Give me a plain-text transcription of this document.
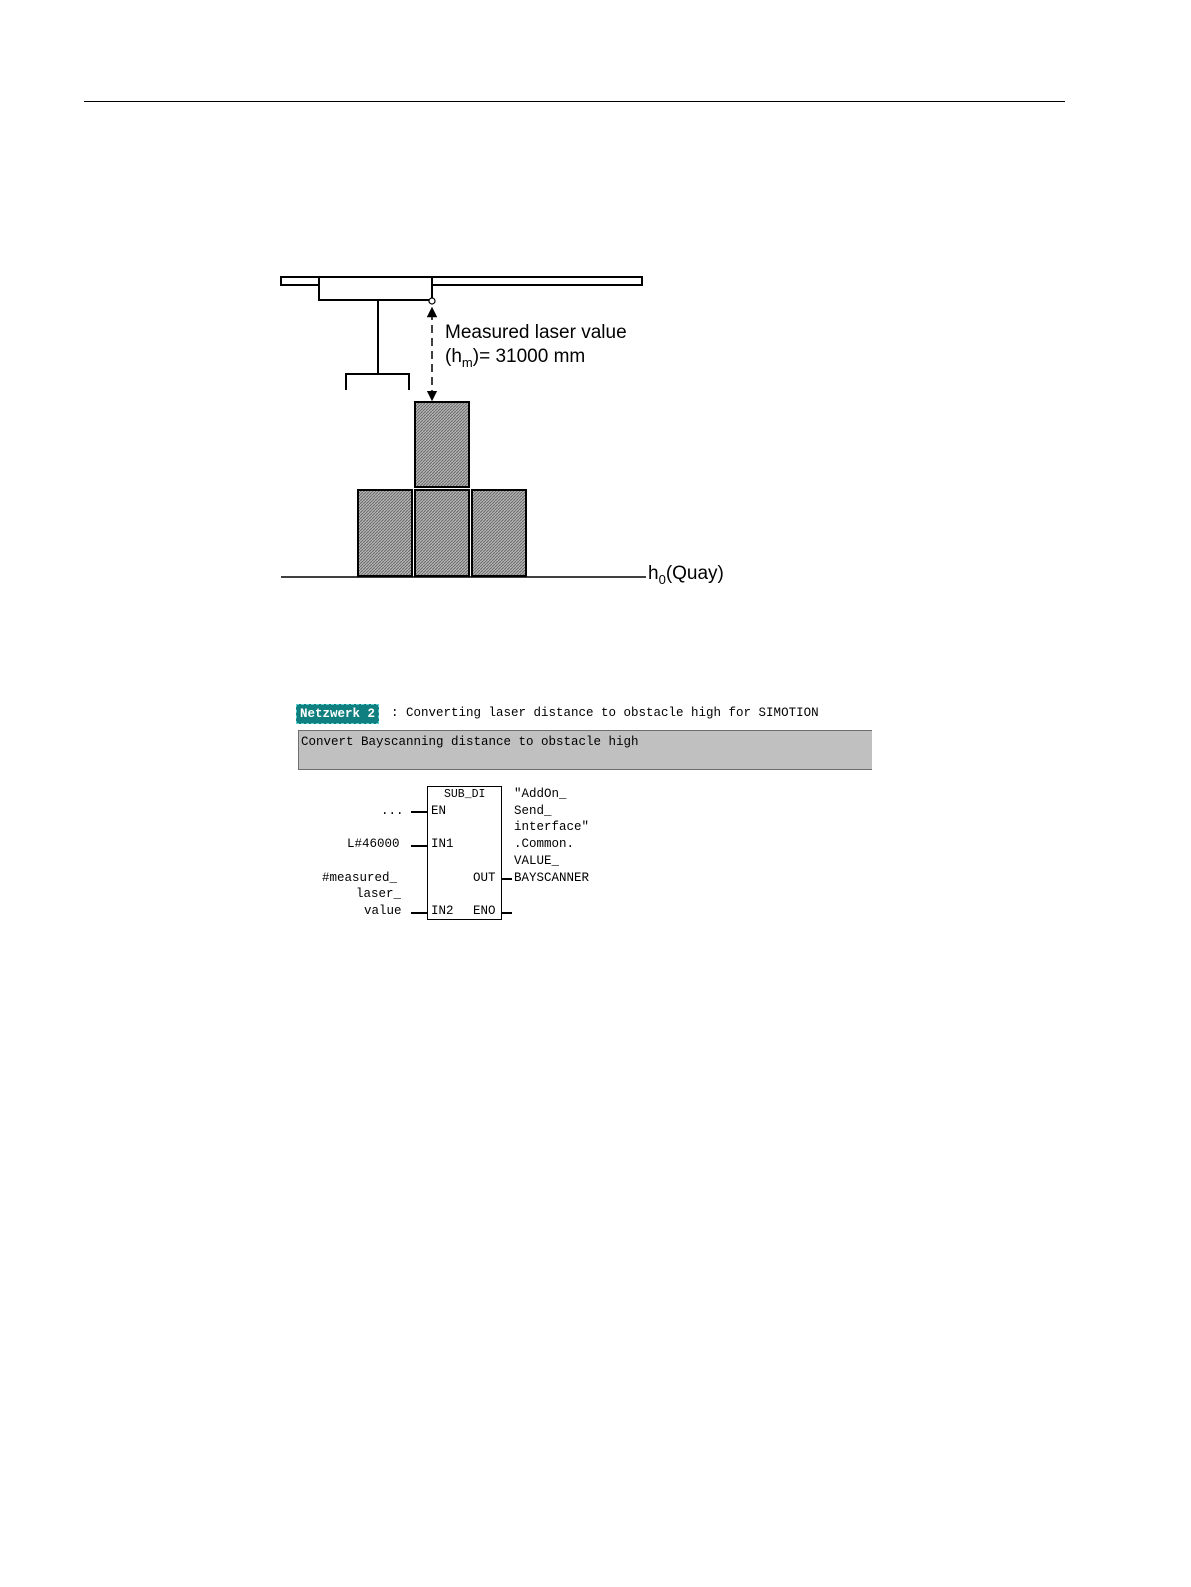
Measured laser value
$(h_m)= 31000$ mm
$h_0(Quay)$
Netzwerk 2	: Converting laser distance to obstacle high for SIMOTION
Convert Bayscanning distance to obstacle high
SUB_DI
EN
IN1
OUT
IN2 ENO
...
L#46000
#measured_
laser_
value
"AddOn_
Send_
interface"
.Common.
VALUE_
BAYSCANNER
